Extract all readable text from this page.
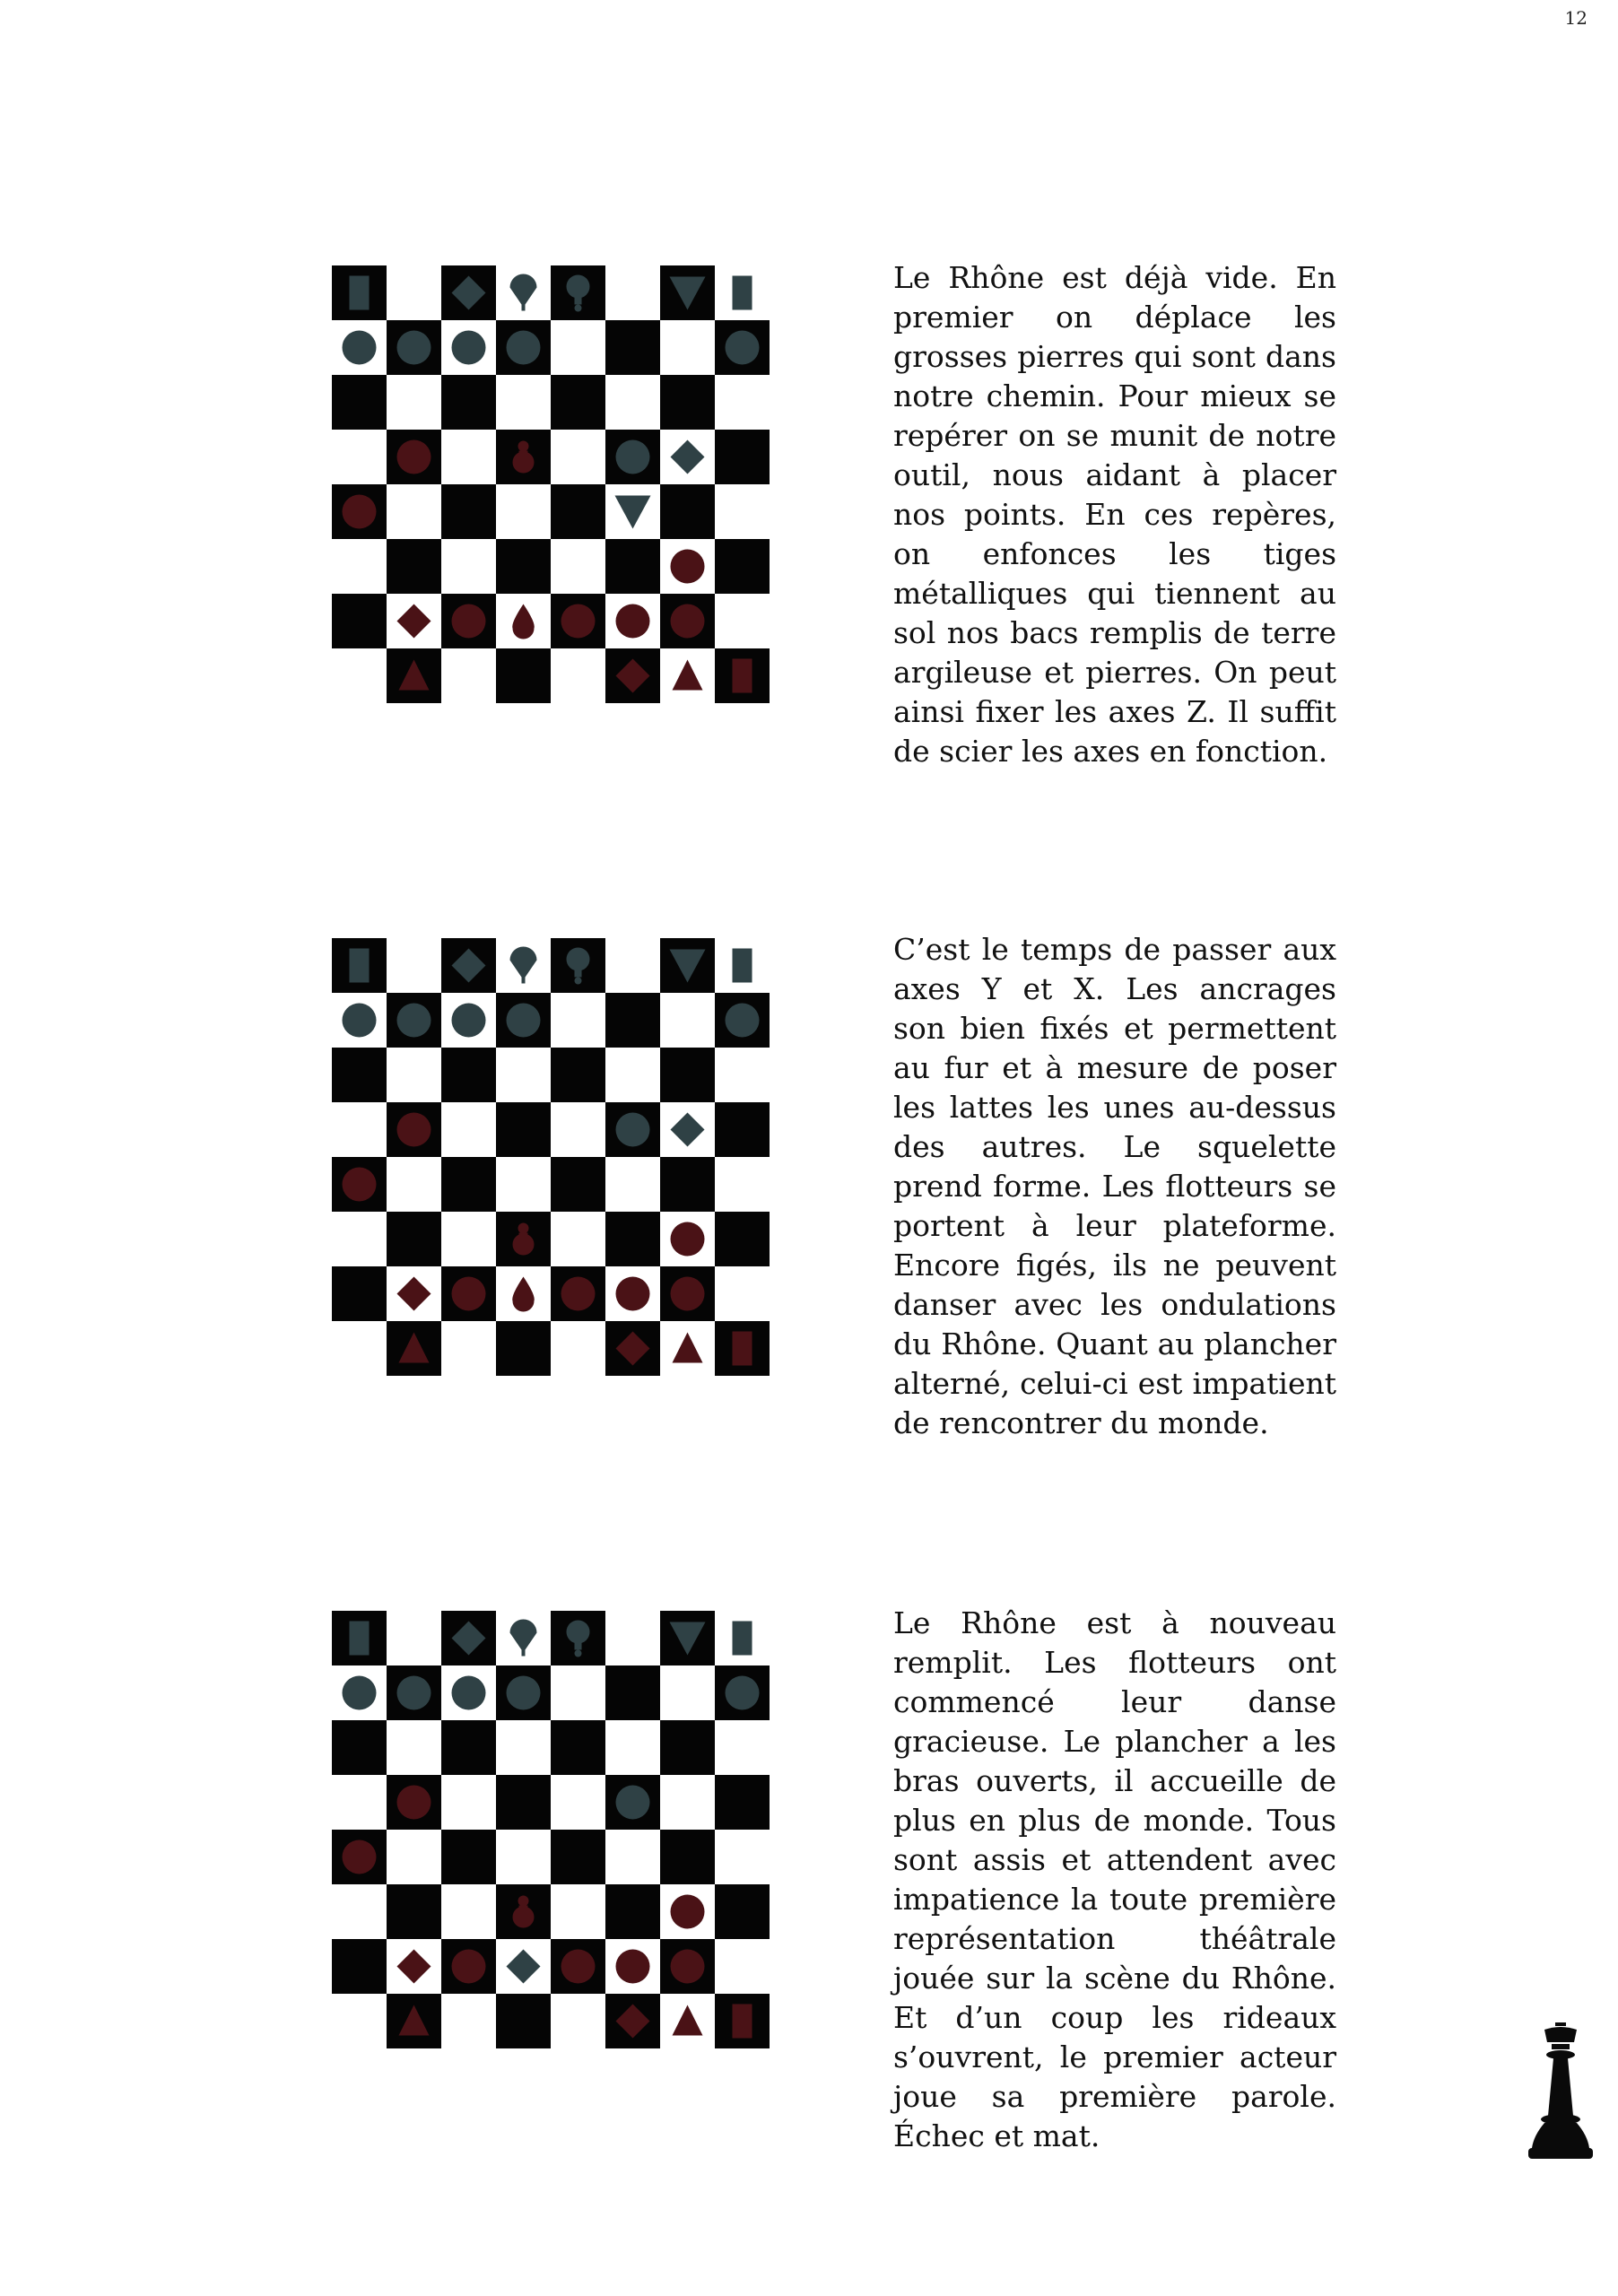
12

Le Rhône est déjà vide. En premier on déplace les grosses pierres qui sont dans notre chemin. Pour mieux se repérer on se munit de notre outil, nous aidant à placer nos points. En ces repères, on enfonces les tiges métalliques qui tiennent au sol nos bacs remplis de terre argileuse et pierres. On peut ainsi fixer les axes Z. Il suffit de scier les axes en fonction.

C’est le temps de passer aux axes Y et X. Les ancrages son bien fixés et permettent au fur et à mesure de poser les lattes les unes au-dessus des autres. Le squelette prend forme. Les flotteurs se portent à leur plateforme. Encore figés, ils ne peuvent danser avec les ondulations du Rhône. Quant au plancher alterné, celui-ci est impatient de rencontrer du monde.

Le Rhône est à nouveau remplit. Les flotteurs ont commencé leur danse gracieuse. Le plancher a les bras ouverts, il accueille de plus en plus de monde. Tous sont assis et attendent avec impatience la toute première représentation théâtrale jouée sur la scène du Rhône. Et d’un coup les rideaux s’ouvrent, le premier acteur joue sa première parole. Échec et mat.
